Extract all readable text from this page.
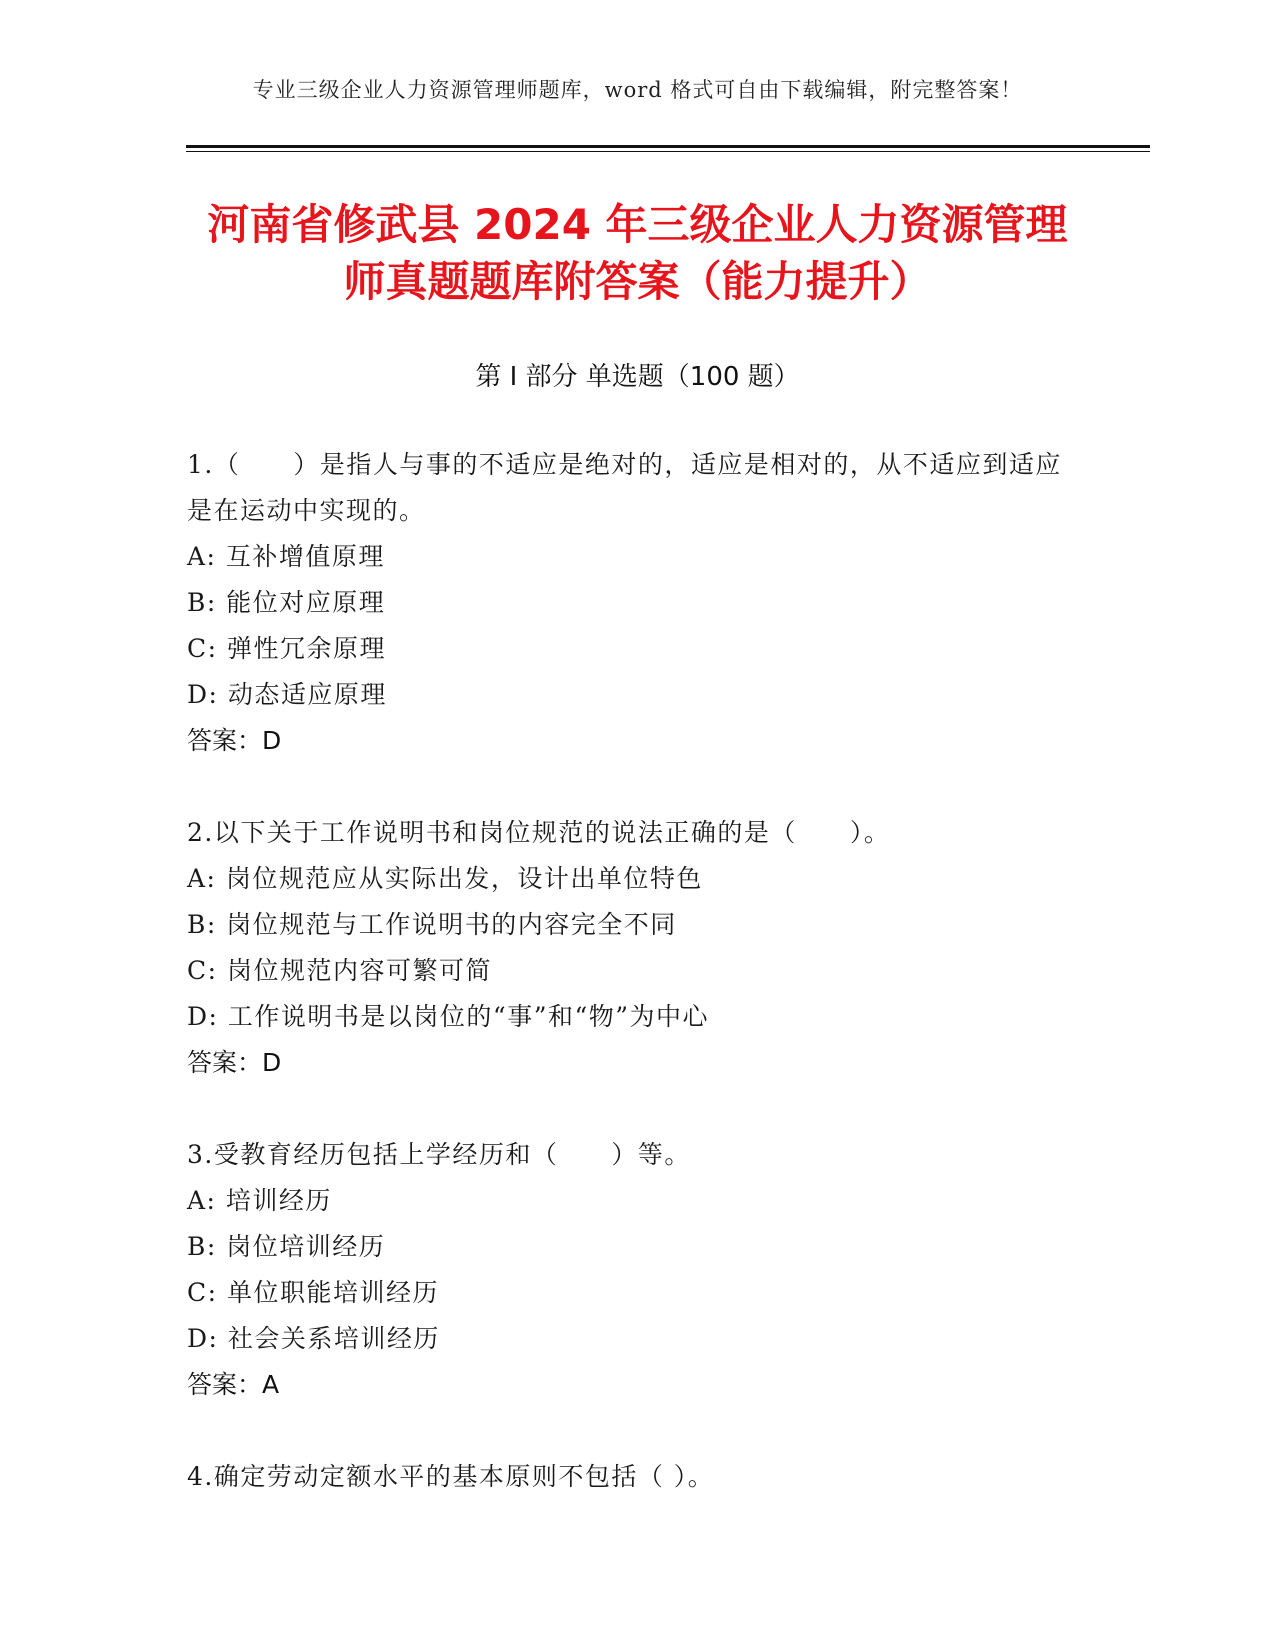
专业三级企业人力资源管理师题库，word 格式可自由下载编辑，附完整答案！
河南省修武县 2024 年三级企业人力资源管理
师真题题库附答案（能力提升）
第 I 部分 单选题（100 题）
1.（　　）是指人与事的不适应是绝对的，适应是相对的，从不适应到适应是在运动中实现的。
A: 互补增值原理
B: 能位对应原理
C: 弹性冗余原理
D: 动态适应原理
答案：D
2.以下关于工作说明书和岗位规范的说法正确的是（　　）。
A: 岗位规范应从实际出发，设计出单位特色
B: 岗位规范与工作说明书的内容完全不同
C: 岗位规范内容可繁可简
D: 工作说明书是以岗位的“事”和“物”为中心
答案：D
3.受教育经历包括上学经历和（　　）等。
A: 培训经历
B: 岗位培训经历
C: 单位职能培训经历
D: 社会关系培训经历
答案：A
4.确定劳动定额水平的基本原则不包括（ ）。
